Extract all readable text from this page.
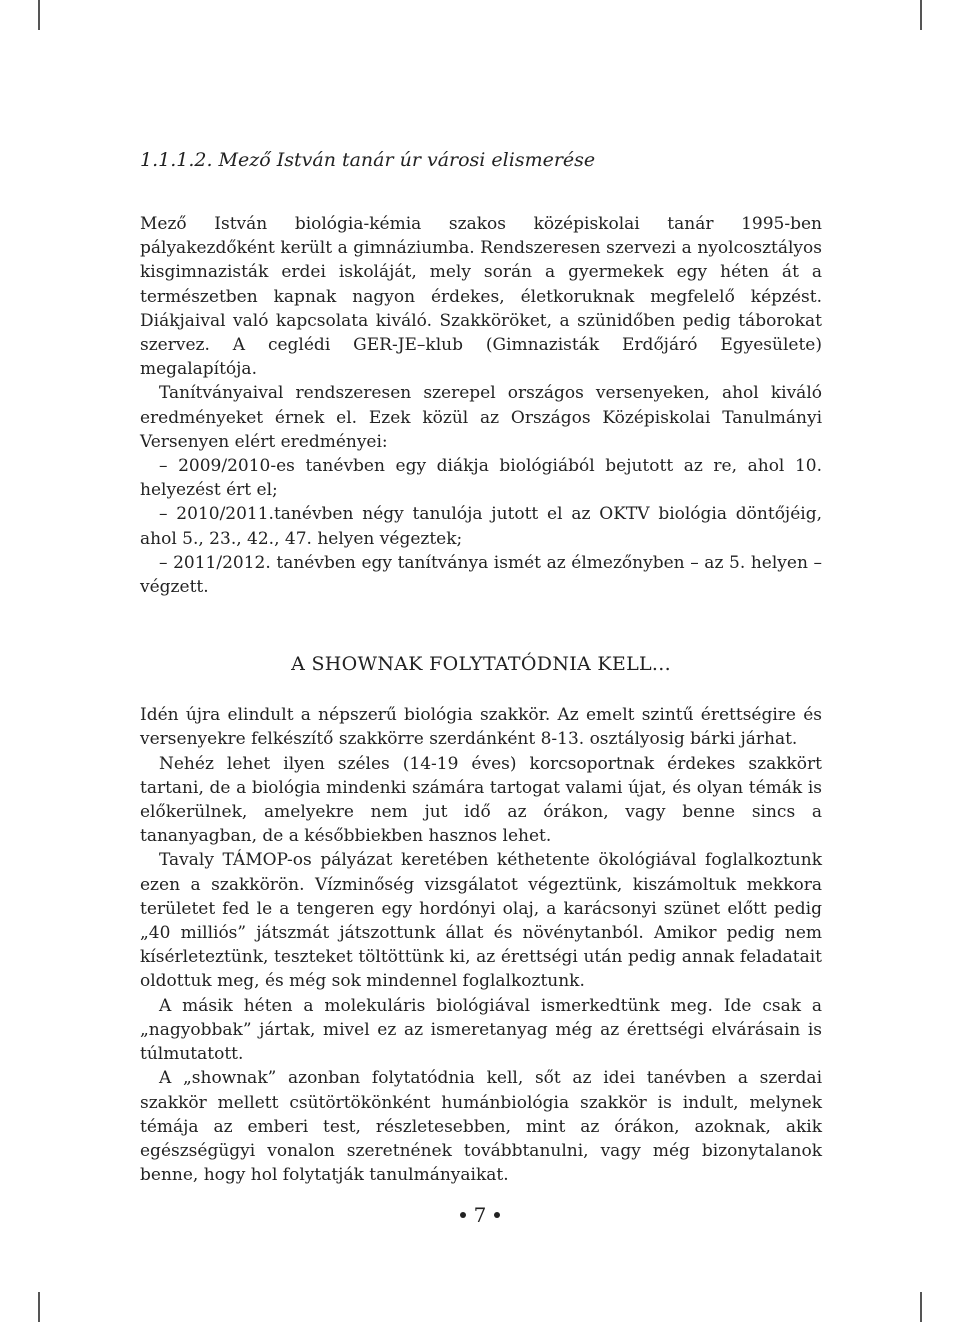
1.1.1.2. Mező István tanár úr városi elismerése

Mező István biológia-kémia szakos középiskolai tanár 1995-ben pályakezdőként került a gimnáziumba. Rendszeresen szervezi a nyolcosztályos kisgimnazisták erdei iskoláját, mely során a gyermekek egy héten át a természetben kapnak nagyon érdekes, életkoruknak megfelelő képzést. Diákjaival való kapcsolata kiváló. Szakköröket, a szünidőben pedig táborokat szervez. A ceglédi GER-JE–klub (Gimnazisták Erdőjáró Egyesülete) megalapítója.

Tanítványaival rendszeresen szerepel országos versenyeken, ahol kiváló eredményeket érnek el. Ezek közül az Országos Középiskolai Tanulmányi Versenyen elért eredményei:

– 2009/2010-es tanévben egy diákja biológiából bejutott az re, ahol 10. helyezést ért el;

– 2010/2011.tanévben négy tanulója jutott el az OKTV biológia döntőjéig, ahol 5., 23., 42., 47. helyen végeztek;

– 2011/2012. tanévben egy tanítványa ismét az élmezőnyben – az 5. helyen – végzett.

A SHOWNAK FOLYTATÓDNIA KELL...

Idén újra elindult a népszerű biológia szakkör. Az emelt szintű érettségire és versenyekre felkészítő szakkörre szerdánként 8-13. osztályosig bárki járhat.

Nehéz lehet ilyen széles (14-19 éves) korcsoportnak érdekes szakkört tartani, de a biológia mindenki számára tartogat valami újat, és olyan témák is előkerülnek, amelyekre nem jut idő az órákon, vagy benne sincs a tananyagban, de a későbbiekben hasznos lehet.

Tavaly TÁMOP-os pályázat keretében kéthetente ökológiával foglalkoztunk ezen a szakkörön. Vízminőség vizsgálatot végeztünk, kiszámoltuk mekkora területet fed le a tengeren egy hordónyi olaj, a karácsonyi szünet előtt pedig „40 milliós” játszmát játszottunk állat és növénytanból. Amikor pedig nem kísérleteztünk, teszteket töltöttünk ki, az érettségi után pedig annak feladatait oldottuk meg, és még sok mindennel foglalkoztunk.

A másik héten a molekuláris biológiával ismerkedtünk meg. Ide csak a „nagyobbak” jártak, mivel ez az ismeretanyag még az érettségi elvárásain is túlmutatott.

A „shownak” azonban folytatódnia kell, sőt az idei tanévben a szerdai szakkör mellett csütörtökönként humánbiológia szakkör is indult, melynek témája az emberi test, részletesebben, mint az órákon, azoknak, akik egészségügyi vonalon szeretnének továbbtanulni, vagy még bizonytalanok benne, hogy hol folytatják tanulmányaikat.

7
